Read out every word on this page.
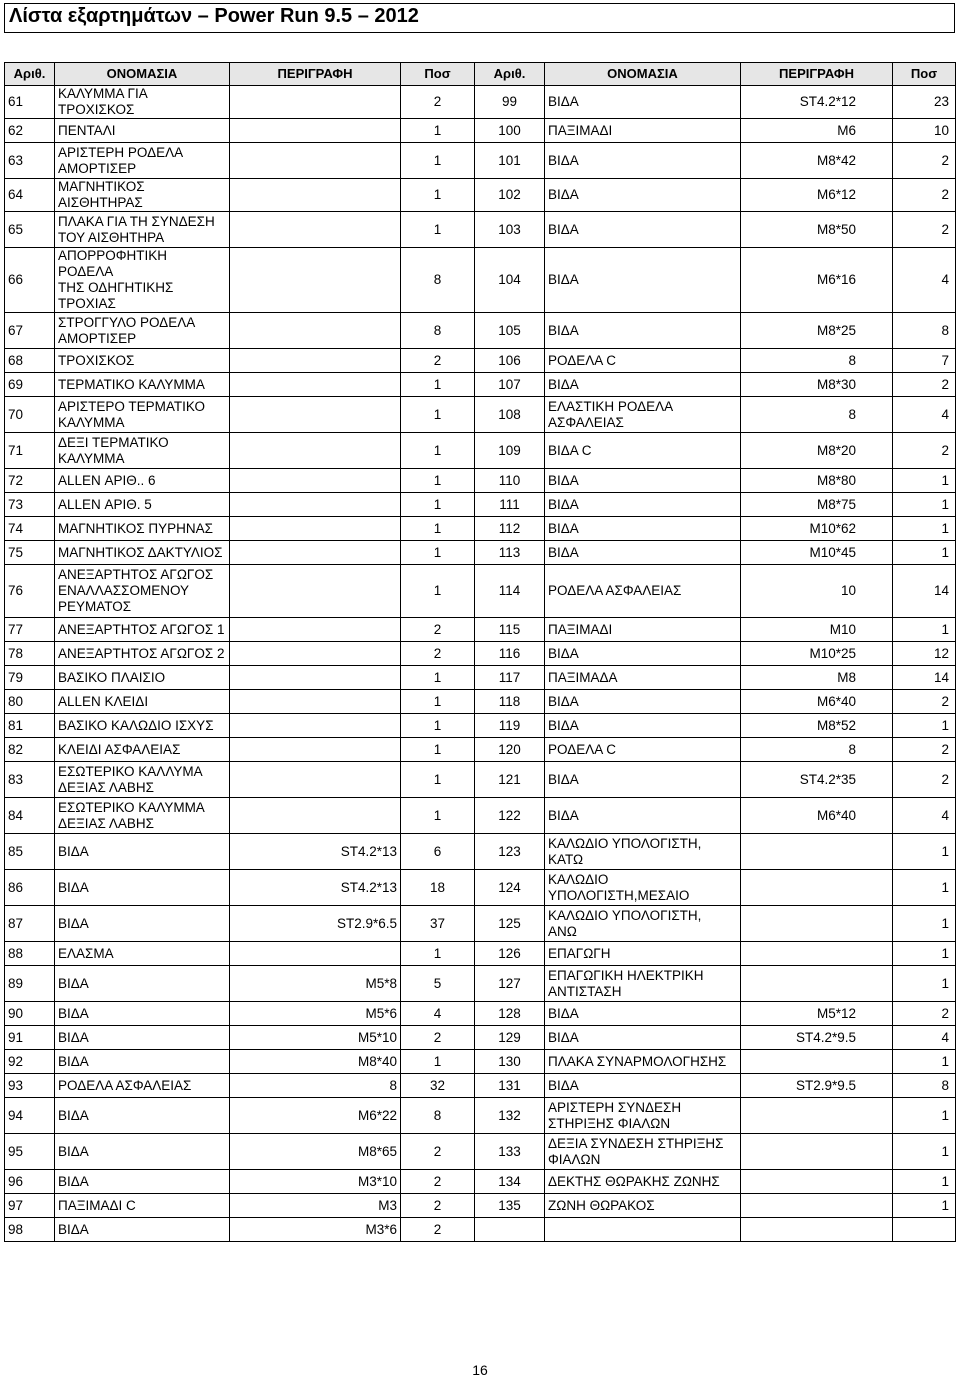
Λίστα εξαρτημάτων – Power Run 9.5 – 2012
Αριθ.	ΟΝΟΜΑΣΙΑ	ΠΕΡΙΓΡΑΦΗ	Ποσ	Αριθ.	ΟΝΟΜΑΣΙΑ	ΠΕΡΙΓΡΑΦΗ	Ποσ

61	ΚΑΛΥΜΜΑ ΓΙΑ ΤΡΟΧΙΣΚΟΣ		2	99	ΒΙΔΑ	ST4.2*12	23

62	ΠΕΝΤΑΛΙ		1	100	ΠΑΞΙΜΑΔΙ	M6	10

63	ΑΡΙΣΤΕΡΗ ΡΟΔΕΛΑ
ΑΜΟΡΤΙΣΕΡ		1	101	ΒΙΔΑ	M8*42	2

64	ΜΑΓΝΗΤΙΚΟΣ ΑΙΣΘΗΤΗΡΑΣ		1	102	ΒΙΔΑ	M6*12	2

65	ΠΛΑΚΑ ΓΙΑ ΤΗ ΣΥΝΔΕΣΗ
ΤΟΥ ΑΙΣΘΗΤΗΡΑ		1	103	ΒΙΔΑ	M8*50	2

66	ΑΠΟΡΡΟΦΗΤΙΚΗ ΡΟΔΕΛΑ
ΤΗΣ ΟΔΗΓΗΤΙΚΗΣ ΤΡΟΧΙΑΣ		8	104	ΒΙΔΑ	M6*16	4

67	ΣΤΡΟΓΓΥΛΟ ΡΟΔΕΛΑ
ΑΜΟΡΤΙΣΕΡ		8	105	ΒΙΔΑ	M8*25	8

68	ΤΡΟΧΙΣΚΟΣ		2	106	ΡΟΔΕΛΑ C	8	7

69	ΤΕΡΜΑΤΙΚΟ ΚΑΛΥΜΜΑ		1	107	ΒΙΔΑ	M8*30	2

70	ΑΡΙΣΤΕΡΟ ΤΕΡΜΑΤΙΚΟ
ΚΑΛΥΜΜΑ		1	108	ΕΛΑΣΤΙΚΗ ΡΟΔΕΛΑ
ΑΣΦΑΛΕΙΑΣ	8	4

71	ΔΕΞΙ ΤΕΡΜΑΤΙΚΟ
ΚΑΛΥΜΜΑ		1	109	ΒΙΔΑ C	M8*20	2

72	ALLEN ΑΡΙΘ.. 6		1	110	ΒΙΔΑ	M8*80	1

73	ALLEN ΑΡΙΘ. 5		1	111	ΒΙΔΑ	M8*75	1

74	ΜΑΓΝΗΤΙΚΟΣ ΠΥΡΗΝΑΣ		1	112	ΒΙΔΑ	M10*62	1

75	ΜΑΓΝΗΤΙΚΟΣ ΔΑΚΤΥΛΙΟΣ		1	113	ΒΙΔΑ	M10*45	1

76	ΑΝΕΞΑΡΤΗΤΟΣ ΑΓΩΓΟΣ
ΕΝΑΛΛΑΣΣΟΜΕΝΟΥ
ΡΕΥΜΑΤΟΣ		1	114	ΡΟΔΕΛΑ ΑΣΦΑΛΕΙΑΣ	10	14

77	ΑΝΕΞΑΡΤΗΤΟΣ ΑΓΩΓΟΣ 1		2	115	ΠΑΞΙΜΑΔΙ	M10	1

78	ΑΝΕΞΑΡΤΗΤΟΣ ΑΓΩΓΟΣ 2		2	116	ΒΙΔΑ	M10*25	12

79	ΒΑΣΙΚΟ ΠΛΑΙΣΙΟ		1	117	ΠΑΞΙΜΑΔΑ	M8	14

80	ALLEN ΚΛΕΙΔΙ		1	118	ΒΙΔΑ	M6*40	2

81	ΒΑΣΙΚΟ ΚΑΛΩΔΙΟ ΙΣΧΥΣ		1	119	ΒΙΔΑ	M8*52	1

82	ΚΛΕΙΔΙ ΑΣΦΑΛΕΙΑΣ		1	120	ΡΟΔΕΛΑ C	8	2

83	ΕΣΩΤΕΡΙΚΟ ΚΑΛΛΥΜΑ
ΔΕΞΙΑΣ ΛΑΒΗΣ		1	121	ΒΙΔΑ	ST4.2*35	2

84	ΕΣΩΤΕΡΙΚΟ ΚΑΛΥΜΜΑ
ΔΕΞΙΑΣ ΛΑΒΗΣ		1	122	ΒΙΔΑ	M6*40	4

85	ΒΙΔΑ	ST4.2*13	6	123	ΚΑΛΩΔΙΟ ΥΠΟΛΟΓΙΣΤΗ,
ΚΑΤΩ		1

86	ΒΙΔΑ	ST4.2*13	18	124	ΚΑΛΩΔΙΟ
ΥΠΟΛΟΓΙΣΤΗ,ΜΕΣΑΙΟ		1

87	ΒΙΔΑ	ST2.9*6.5	37	125	ΚΑΛΩΔΙΟ ΥΠΟΛΟΓΙΣΤΗ,
ΑΝΩ		1

88	ΕΛΑΣΜΑ		1	126	ΕΠΑΓΩΓΗ		1

89	ΒΙΔΑ	M5*8	5	127	ΕΠΑΓΩΓΙΚΗ ΗΛΕΚΤΡΙΚΗ
ΑΝΤΙΣΤΑΣΗ		1

90	ΒΙΔΑ	M5*6	4	128	ΒΙΔΑ	M5*12	2

91	ΒΙΔΑ	M5*10	2	129	ΒΙΔΑ	ST4.2*9.5	4

92	ΒΙΔΑ	M8*40	1	130	ΠΛΑΚΑ ΣΥΝΑΡΜΟΛΟΓΗΣΗΣ		1

93	ΡΟΔΕΛΑ ΑΣΦΑΛΕΙΑΣ	8	32	131	ΒΙΔΑ	ST2.9*9.5	8

94	ΒΙΔΑ	M6*22	8	132	ΑΡΙΣΤΕΡΗ ΣΥΝΔΕΣΗ
ΣΤΗΡΙΞΗΣ ΦΙΑΛΩΝ		1

95	ΒΙΔΑ	M8*65	2	133	ΔΕΞΙΑ ΣΥΝΔΕΣΗ ΣΤΗΡΙΞΗΣ
ΦΙΑΛΩΝ		1

96	ΒΙΔΑ	M3*10	2	134	ΔΕΚΤΗΣ ΘΩΡΑΚΗΣ ΖΩΝΗΣ		1

97	ΠΑΞΙΜΑΔΙ C	M3	2	135	ΖΩΝΗ ΘΩΡΑΚΟΣ		1

98	ΒΙΔΑ	M3*6	2				

16
